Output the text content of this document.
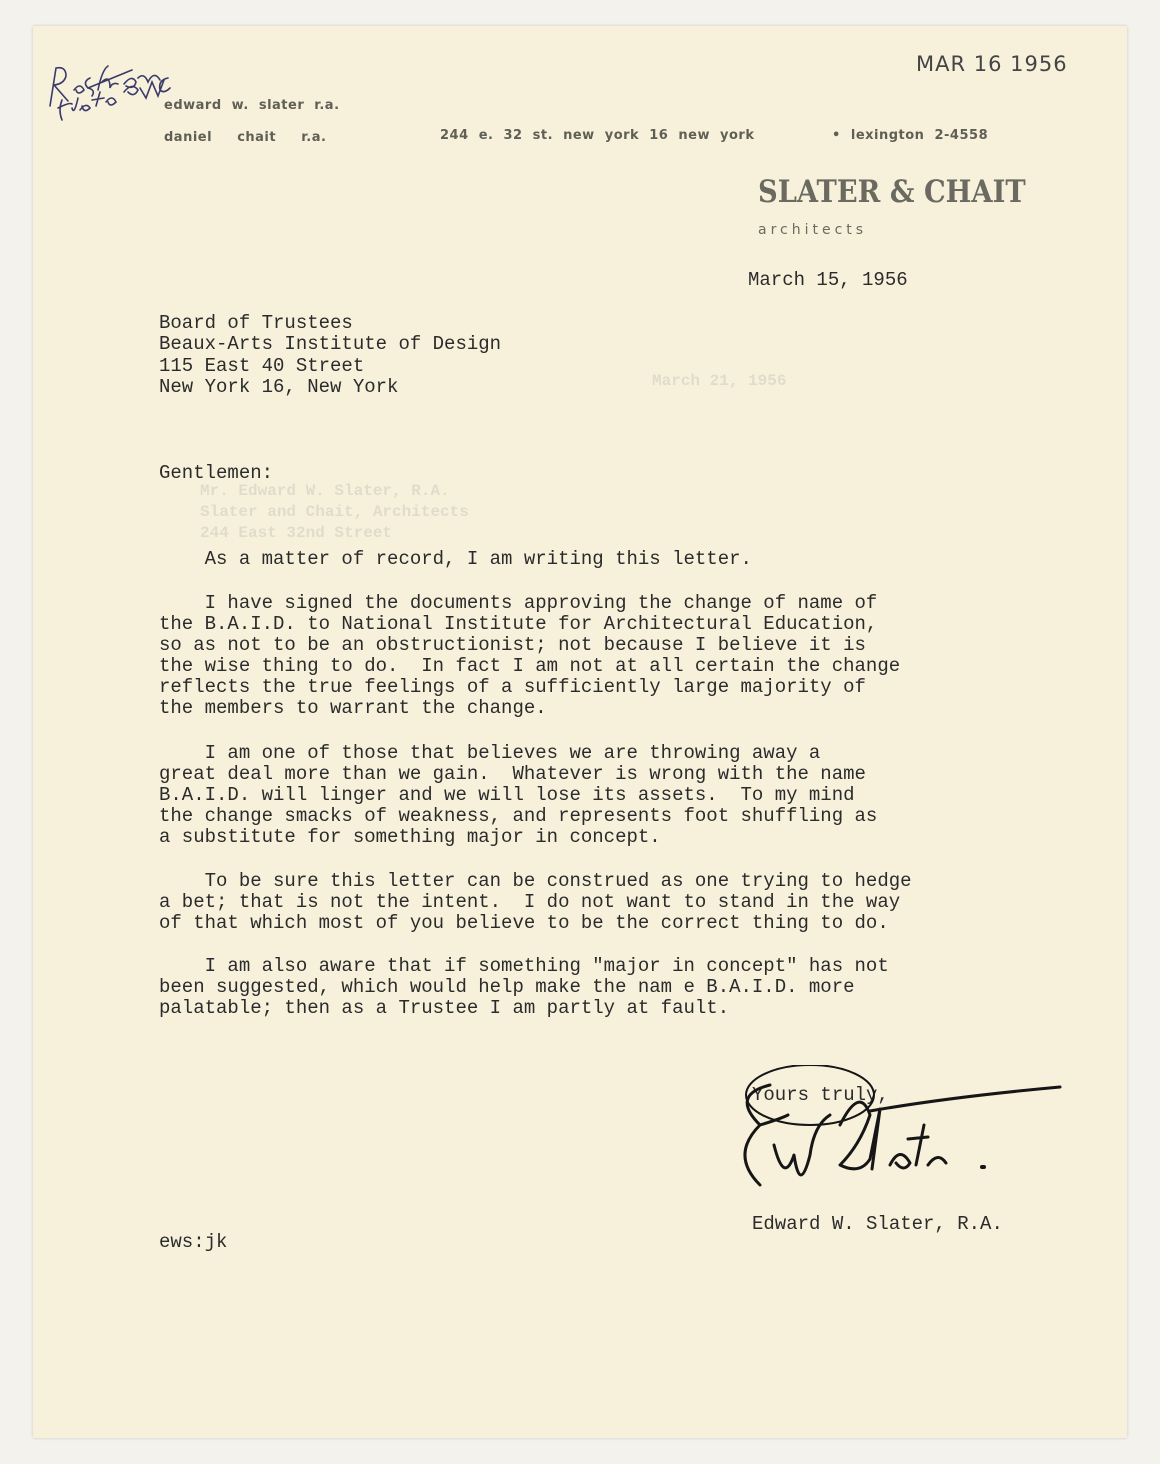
March 21, 1956
Mr. Edward W. Slater, R.A.
Slater and Chait, Architects
244 East 32nd Street
MAR 16 1956
edward  w.  slater  r.a.
daniel     chait     r.a.	244  e.  32  st.  new  york  16  new  york	•  lexington  2-4558
SLATER & CHAIT
architects
March 15, 1956
Board of Trustees
Beaux-Arts Institute of Design
115 East 40 Street
New York 16, New York
Gentlemen:
As a matter of record, I am writing this letter.
I have signed the documents approving the change of name of
the B.A.I.D. to National Institute for Architectural Education,
so as not to be an obstructionist; not because I believe it is
the wise thing to do.  In fact I am not at all certain the change
reflects the true feelings of a sufficiently large majority of
the members to warrant the change.
I am one of those that believes we are throwing away a
great deal more than we gain.  Whatever is wrong with the name
B.A.I.D. will linger and we will lose its assets.  To my mind
the change smacks of weakness, and represents foot shuffling as
a substitute for something major in concept.
To be sure this letter can be construed as one trying to hedge
a bet; that is not the intent.  I do not want to stand in the way
of that which most of you believe to be the correct thing to do.
I am also aware that if something "major in concept" has not
been suggested, which would help make the nam e B.A.I.D. more
palatable; then as a Trustee I am partly at fault.
Yours truly,
Edward W. Slater, R.A.
ews:jk
